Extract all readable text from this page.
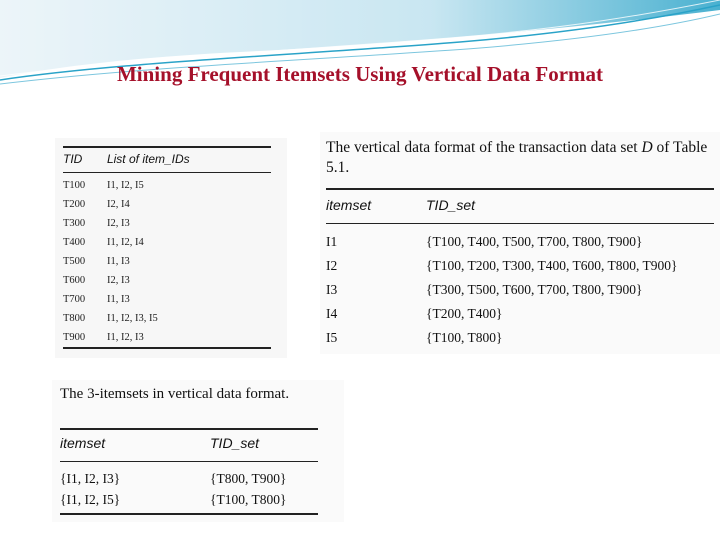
Mining Frequent Itemsets Using Vertical Data Format
TID	List of item_IDs
T100	I1, I2, I5
T200	I2, I4
T300	I2, I3
T400	I1, I2, I4
T500	I1, I3
T600	I2, I3
T700	I1, I3
T800	I1, I2, I3, I5
T900	I1, I2, I3
The vertical data format of the transaction data set D of Table 5.1.
itemset	TID_set
I1	{T100, T400, T500, T700, T800, T900}
I2	{T100, T200, T300, T400, T600, T800, T900}
I3	{T300, T500, T600, T700, T800, T900}
I4	{T200, T400}
I5	{T100, T800}
The 3-itemsets in vertical data format.
itemset	TID_set
{I1, I2, I3}	{T800, T900}
{I1, I2, I5}	{T100, T800}
